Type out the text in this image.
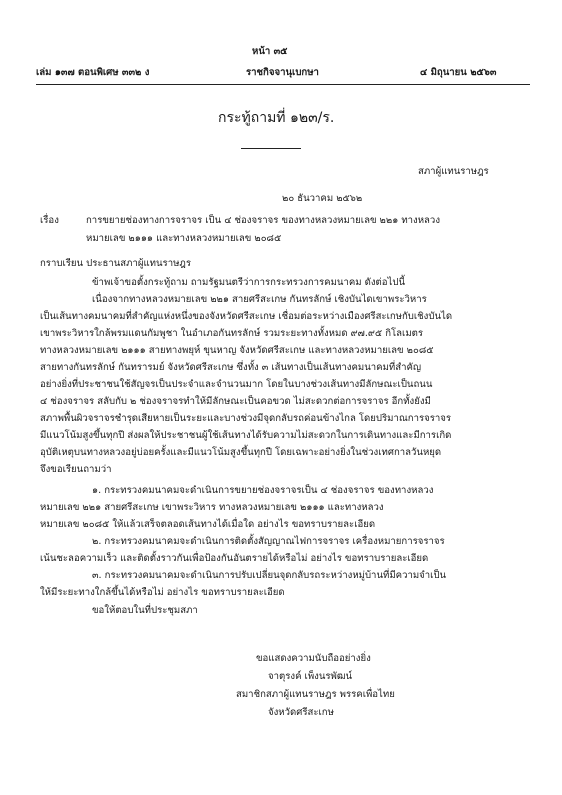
หน้า ๓๕
เล่ม ๑๓๗ ตอนพิเศษ ๓๓๒ ง	ราชกิจจานุเบกษา	๔ มิถุนายน ๒๕๖๓
กระทู้ถามที่ ๑๒๓/ร.
สภาผู้แทนราษฎร
๒๐ ธันวาคม ๒๕๖๒
เรื่อง	การขยายช่องทางการจราจร เป็น ๔ ช่องจราจร ของทางหลวงหมายเลข ๒๒๑ ทางหลวง
หมายเลข ๒๑๑๑ และทางหลวงหมายเลข ๒๐๘๕
กราบเรียน ประธานสภาผู้แทนราษฎร
ข้าพเจ้าขอตั้งกระทู้ถาม ถามรัฐมนตรีว่าการกระทรวงการคมนาคม ดังต่อไปนี้
เนื่องจากทางหลวงหมายเลข ๒๒๑ สายศรีสะเกษ กันทรลักษ์ เชิงบันไดเขาพระวิหาร
เป็นเส้นทางคมนาคมที่สำคัญแห่งหนึ่งของจังหวัดศรีสะเกษ เชื่อมต่อระหว่างเมืองศรีสะเกษกับเชิงบันได
เขาพระวิหารใกล้พรมแดนกัมพูชา ในอำเภอกันทรลักษ์ รวมระยะทางทั้งหมด ๙๗.๙๕ กิโลเมตร
ทางหลวงหมายเลข ๒๑๑๑ สายทางพยุห์ ขุนหาญ จังหวัดศรีสะเกษ และทางหลวงหมายเลข ๒๐๘๕
สายทางกันทรลักษ์ กันทรารมย์ จังหวัดศรีสะเกษ ซึ่งทั้ง ๓ เส้นทางเป็นเส้นทางคมนาคมที่สำคัญ
อย่างยิ่งที่ประชาชนใช้สัญจรเป็นประจำและจำนวนมาก โดยในบางช่วงเส้นทางมีลักษณะเป็นถนน
๔ ช่องจราจร สลับกับ ๒ ช่องจราจรทำให้มีลักษณะเป็นคอขวด ไม่สะดวกต่อการจราจร อีกทั้งยังมี
สภาพพื้นผิวจราจรชำรุดเสียหายเป็นระยะและบางช่วงมีจุดกลับรถค่อนข้างไกล โดยปริมาณการจราจร
มีแนวโน้มสูงขึ้นทุกปี ส่งผลให้ประชาชนผู้ใช้เส้นทางได้รับความไม่สะดวกในการเดินทางและมีการเกิด
อุบัติเหตุบนทางหลวงอยู่บ่อยครั้งและมีแนวโน้มสูงขึ้นทุกปี โดยเฉพาะอย่างยิ่งในช่วงเทศกาลวันหยุด
จึงขอเรียนถามว่า
๑. กระทรวงคมนาคมจะดำเนินการขยายช่องจราจรเป็น ๔ ช่องจราจร ของทางหลวง
หมายเลข ๒๒๑ สายศรีสะเกษ เขาพระวิหาร ทางหลวงหมายเลข ๒๑๑๑ และทางหลวง
หมายเลข ๒๐๘๕ ให้แล้วเสร็จตลอดเส้นทางได้เมื่อใด อย่างไร ขอทราบรายละเอียด
๒. กระทรวงคมนาคมจะดำเนินการติดตั้งสัญญาณไฟการจราจร เครื่องหมายการจราจร
เน้นชะลอความเร็ว และติดตั้งราวกันเพื่อป้องกันอันตรายได้หรือไม่ อย่างไร ขอทราบรายละเอียด
๓. กระทรวงคมนาคมจะดำเนินการปรับเปลี่ยนจุดกลับรถระหว่างหมู่บ้านที่มีความจำเป็น
ให้มีระยะทางใกล้ขึ้นได้หรือไม่ อย่างไร ขอทราบรายละเอียด
ขอให้ตอบในที่ประชุมสภา
ขอแสดงความนับถืออย่างยิ่ง
จาตุรงค์ เพ็งนรพัฒน์
สมาชิกสภาผู้แทนราษฎร พรรคเพื่อไทย
จังหวัดศรีสะเกษ
